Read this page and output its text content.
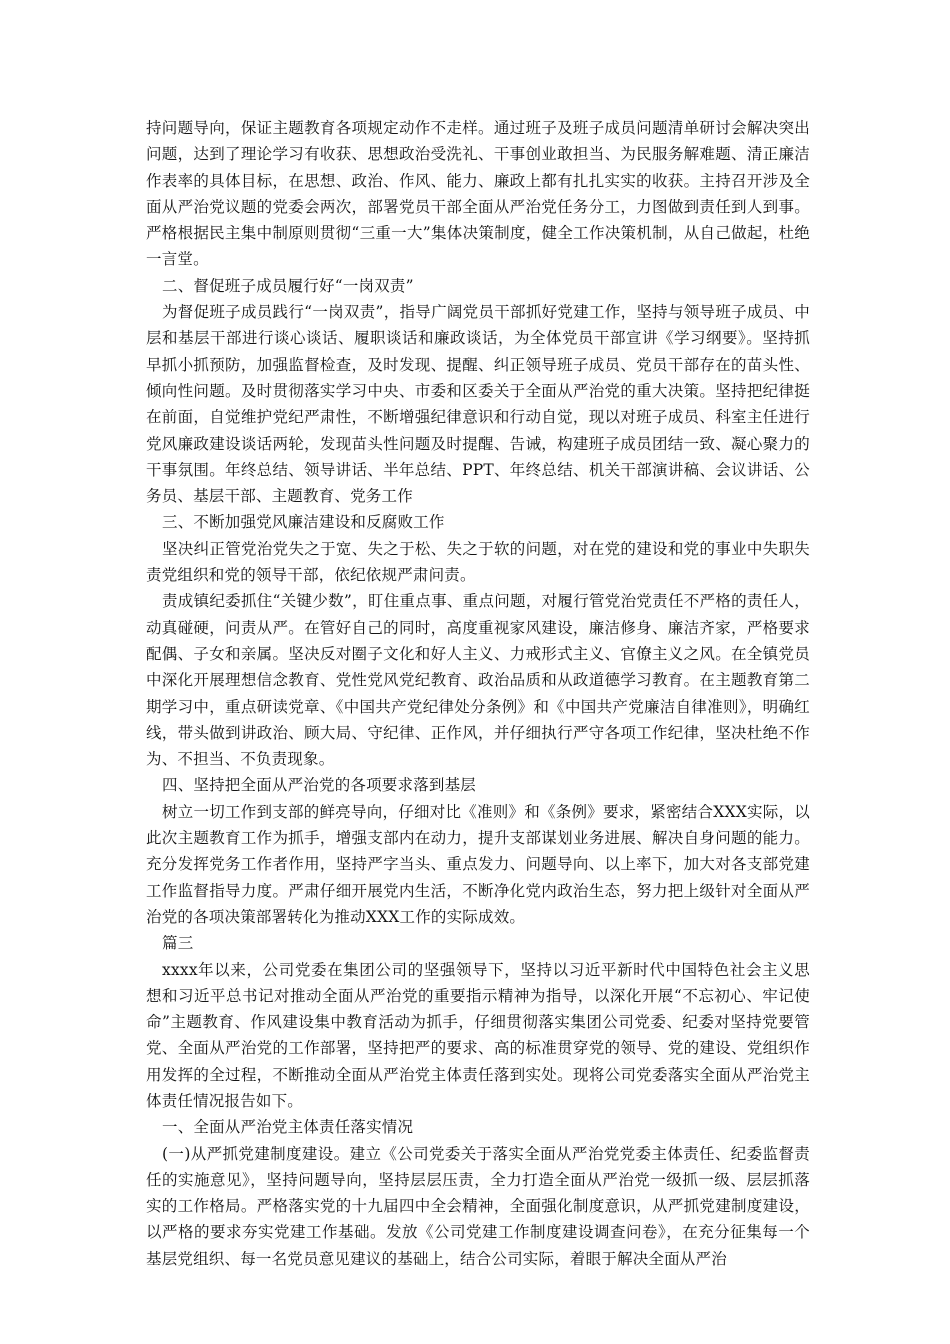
持问题导向，保证主题教育各项规定动作不走样。通过班子及班子成员问题清单研讨会解决突出问题，达到了理论学习有收获、思想政治受洗礼、干事创业敢担当、为民服务解难题、清正廉洁作表率的具体目标，在思想、政治、作风、能力、廉政上都有扎扎实实的收获。主持召开涉及全面从严治党议题的党委会两次，部署党员干部全面从严治党任务分工，力图做到责任到人到事。严格根据民主集中制原则贯彻“三重一大”集体决策制度，健全工作决策机制，从自己做起，杜绝一言堂。

二、督促班子成员履行好“一岗双责”

为督促班子成员践行“一岗双责”，指导广阔党员干部抓好党建工作，坚持与领导班子成员、中层和基层干部进行谈心谈话、履职谈话和廉政谈话，为全体党员干部宣讲《学习纲要》。坚持抓早抓小抓预防，加强监督检查，及时发现、提醒、纠正领导班子成员、党员干部存在的苗头性、倾向性问题。及时贯彻落实学习中央、市委和区委关于全面从严治党的重大决策。坚持把纪律挺在前面，自觉维护党纪严肃性，不断增强纪律意识和行动自觉，现以对班子成员、科室主任进行党风廉政建设谈话两轮，发现苗头性问题及时提醒、告诫，构建班子成员团结一致、凝心聚力的干事氛围。年终总结、领导讲话、半年总结、PPT、年终总结、机关干部演讲稿、会议讲话、公务员、基层干部、主题教育、党务工作

三、不断加强党风廉洁建设和反腐败工作

坚决纠正管党治党失之于宽、失之于松、失之于软的问题，对在党的建设和党的事业中失职失责党组织和党的领导干部，依纪依规严肃问责。

责成镇纪委抓住“关键少数”，盯住重点事、重点问题，对履行管党治党责任不严格的责任人，动真碰硬，问责从严。在管好自己的同时，高度重视家风建设，廉洁修身、廉洁齐家，严格要求配偶、子女和亲属。坚决反对圈子文化和好人主义、力戒形式主义、官僚主义之风。在全镇党员中深化开展理想信念教育、党性党风党纪教育、政治品质和从政道德学习教育。在主题教育第二期学习中，重点研读党章、《中国共产党纪律处分条例》和《中国共产党廉洁自律准则》，明确红线，带头做到讲政治、顾大局、守纪律、正作风，并仔细执行严守各项工作纪律，坚决杜绝不作为、不担当、不负责现象。

四、坚持把全面从严治党的各项要求落到基层

树立一切工作到支部的鲜亮导向，仔细对比《准则》和《条例》要求，紧密结合XXX实际，以此次主题教育工作为抓手，增强支部内在动力，提升支部谋划业务进展、解决自身问题的能力。充分发挥党务工作者作用，坚持严字当头、重点发力、问题导向、以上率下，加大对各支部党建工作监督指导力度。严肃仔细开展党内生活，不断净化党内政治生态，努力把上级针对全面从严治党的各项决策部署转化为推动XXX工作的实际成效。

篇三

xxxx年以来，公司党委在集团公司的坚强领导下，坚持以习近平新时代中国特色社会主义思想和习近平总书记对推动全面从严治党的重要指示精神为指导，以深化开展“不忘初心、牢记使命”主题教育、作风建设集中教育活动为抓手，仔细贯彻落实集团公司党委、纪委对坚持党要管党、全面从严治党的工作部署，坚持把严的要求、高的标准贯穿党的领导、党的建设、党组织作用发挥的全过程，不断推动全面从严治党主体责任落到实处。现将公司党委落实全面从严治党主体责任情况报告如下。

一、全面从严治党主体责任落实情况

(一)从严抓党建制度建设。建立《公司党委关于落实全面从严治党党委主体责任、纪委监督责任的实施意见》，坚持问题导向，坚持层层压责，全力打造全面从严治党一级抓一级、层层抓落实的工作格局。严格落实党的十九届四中全会精神，全面强化制度意识，从严抓党建制度建设，以严格的要求夯实党建工作基础。发放《公司党建工作制度建设调查问卷》，在充分征集每一个基层党组织、每一名党员意见建议的基础上，结合公司实际，着眼于解决全面从严治
